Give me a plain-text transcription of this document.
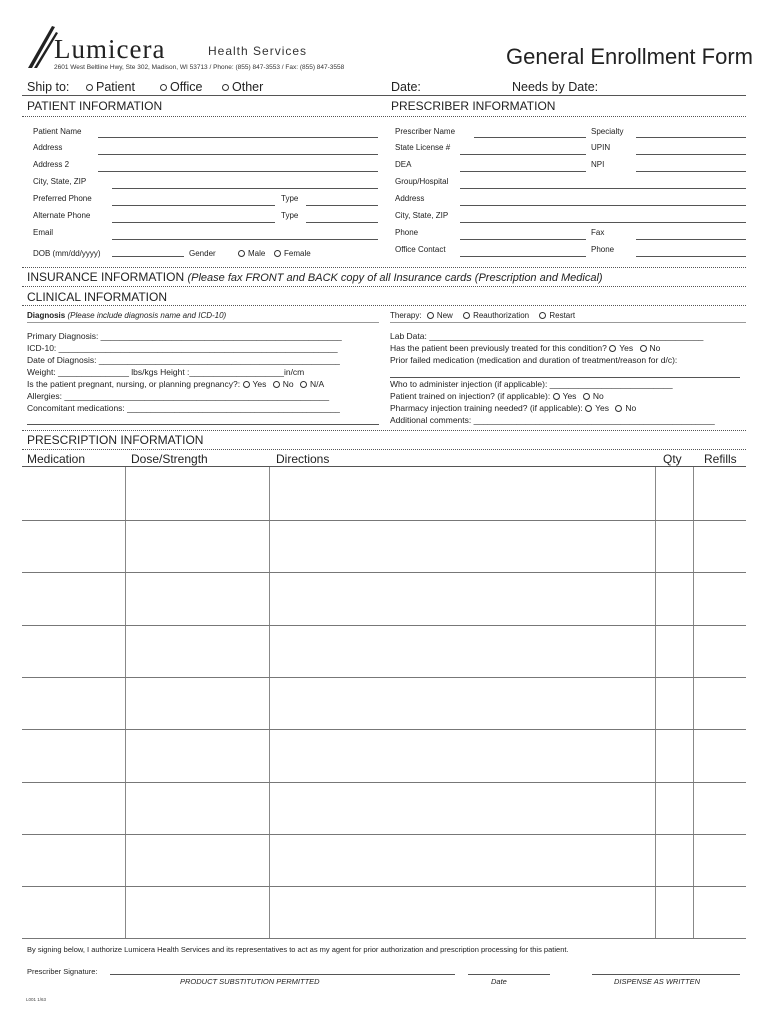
Lumicera	Health Services
2601 West Beltline Hwy, Ste 302, Madison, WI 53713 / Phone: (855) 847-3553 / Fax: (855) 847-3558	General Enrollment Form
Ship to:	Patient	Office	Other	Date:	Needs by Date:
PATIENT INFORMATION	PRESCRIBER INFORMATION
Patient Name
Address
Address 2
City, State, ZIP
Preferred Phone	Type
Alternate Phone	Type
Email
DOB (mm/dd/yyyy)	Gender	Male	Female
Prescriber Name	Specialty
State License #	UPIN
DEA	NPI
Group/Hospital
Address
City, State, ZIP
Phone	Fax
Office Contact	Phone
INSURANCE INFORMATION (Please fax FRONT and BACK copy of all Insurance cards (Prescription and Medical)
CLINICAL INFORMATION
Diagnosis (Please include diagnosis name and ICD-10)	Therapy: New	Reauthorization	Restart
Primary Diagnosis: ___________________________________________________
ICD-10: ___________________________________________________________
Date of Diagnosis: ___________________________________________________
Weight: _______________ lbs/kgs Height :____________________in/cm
Is the patient pregnant, nursing, or planning pregnancy?: Yes No N/A
Allergies: ________________________________________________________
Concomitant medications: _____________________________________________
Lab Data: __________________________________________________________
Has the patient been previously treated for this condition? Yes No
Prior failed medication (medication and duration of treatment/reason for d/c):
Who to administer injection (if applicable): __________________________
Patient trained on injection? (if applicable): Yes No
Pharmacy injection training needed? (if applicable): Yes No
Additional comments: ___________________________________________________
PRESCRIPTION INFORMATION
Medication	Dose/Strength	Directions	Qty Refills
By signing below, I authorize Lumicera Health Services and its representatives to act as my agent for prior authorization and prescription processing for this patient.
Prescriber Signature:
PRODUCT SUBSTITUTION PERMITTED	Date	DISPENSE AS WRITTEN
L001 1/63
